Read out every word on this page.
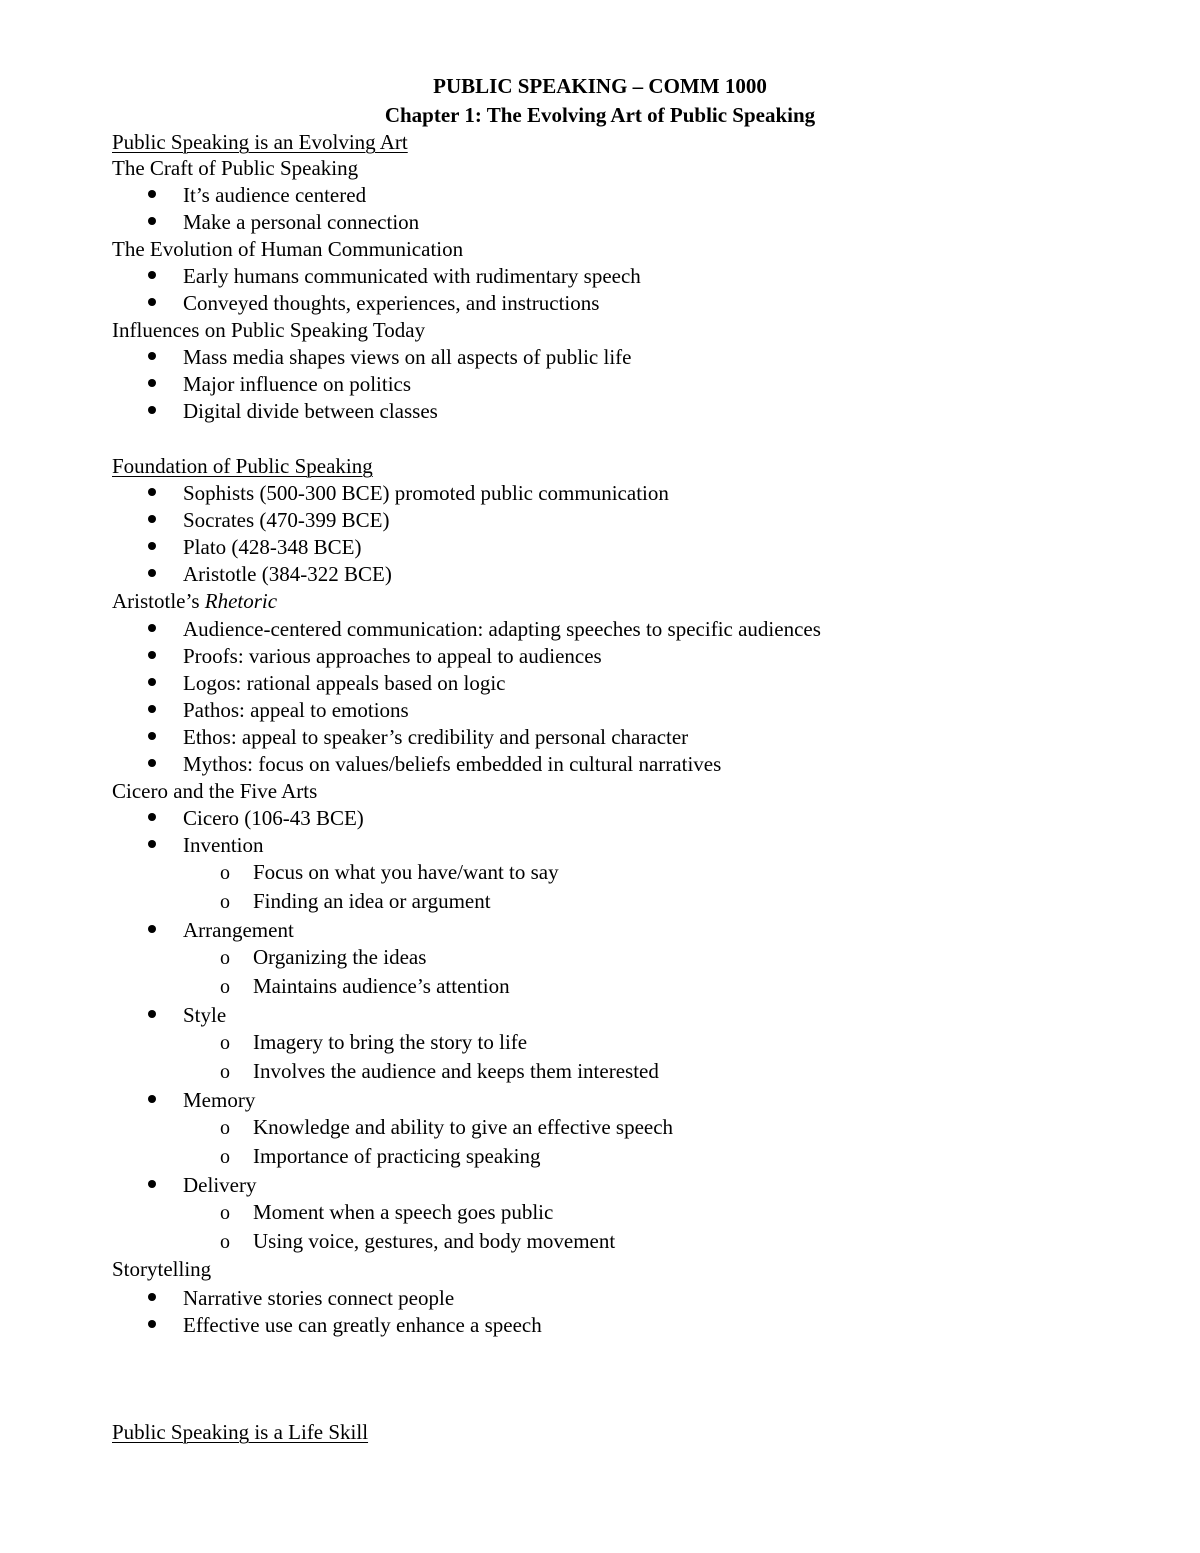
PUBLIC SPEAKING – COMM 1000
Chapter 1: The Evolving Art of Public Speaking
Public Speaking is an Evolving Art
The Craft of Public Speaking
It’s audience centered
Make a personal connection
The Evolution of Human Communication
Early humans communicated with rudimentary speech
Conveyed thoughts, experiences, and instructions
Influences on Public Speaking Today
Mass media shapes views on all aspects of public life
Major influence on politics
Digital divide between classes
Foundation of Public Speaking
Sophists (500-300 BCE) promoted public communication
Socrates (470-399 BCE)
Plato (428-348 BCE)
Aristotle (384-322 BCE)
Aristotle’s Rhetoric
Audience-centered communication: adapting speeches to specific audiences
Proofs: various approaches to appeal to audiences
Logos: rational appeals based on logic
Pathos: appeal to emotions
Ethos: appeal to speaker’s credibility and personal character
Mythos: focus on values/beliefs embedded in cultural narratives
Cicero and the Five Arts
Cicero (106-43 BCE)
Invention
o Focus on what you have/want to say
o Finding an idea or argument
Arrangement
o Organizing the ideas
o Maintains audience’s attention
Style
o Imagery to bring the story to life
o Involves the audience and keeps them interested
Memory
o Knowledge and ability to give an effective speech
o Importance of practicing speaking
Delivery
o Moment when a speech goes public
o Using voice, gestures, and body movement
Storytelling
Narrative stories connect people
Effective use can greatly enhance a speech
Public Speaking is a Life Skill
